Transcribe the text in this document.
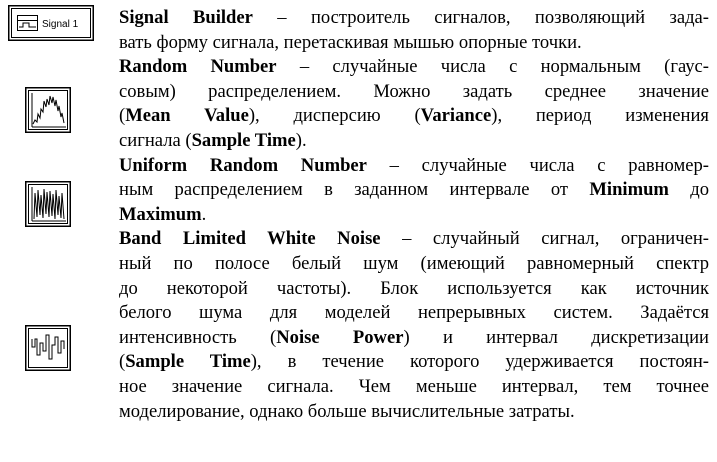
Signal 1 Signal Builder – построитель сигналов, позволяющий зада-

вать форму сигнала, перетаскивая мышью опорные точки.

Random Number – случайные числа с нормальным (гаус-

совым) распределением. Можно задать среднее значение

(Mean Value), дисперсию (Variance), период изменения

сигнала (Sample Time).

Uniform Random Number – случайные числа с равномер-

ным распределением в заданном интервале от Minimum до

Maximum.

Band Limited White Noise – случайный сигнал, ограничен-

ный по полосе белый шум (имеющий равномерный спектр

до некоторой частоты). Блок используется как источник

белого шума для моделей непрерывных систем. Задаётся

интенсивность (Noise Power) и интервал дискретизации

(Sample Time), в течение которого удерживается постоян-

ное значение сигнала. Чем меньше интервал, тем точнее

моделирование, однако больше вычислительные затраты.
